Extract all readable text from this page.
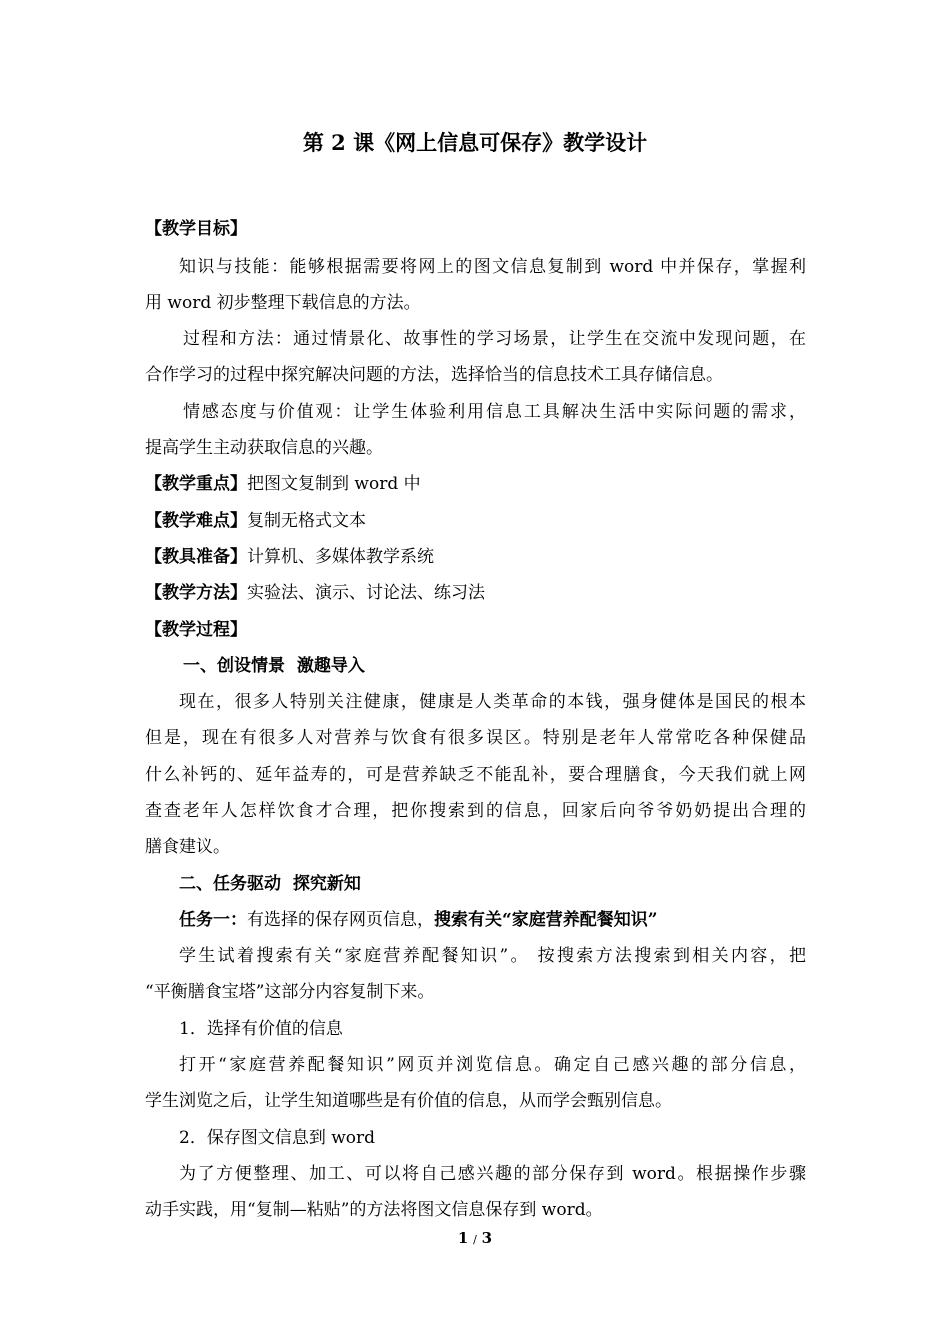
第 2 课《网上信息可保存》教学设计
【教学目标】
知识与技能：能够根据需要将网上的图文信息复制到 word 中并保存，掌握利
用 word 初步整理下载信息的方法。
过程和方法：通过情景化、故事性的学习场景，让学生在交流中发现问题，在
合作学习的过程中探究解决问题的方法，选择恰当的信息技术工具存储信息。
情感态度与价值观：让学生体验利用信息工具解决生活中实际问题的需求，
提高学生主动获取信息的兴趣。
【教学重点】把图文复制到 word 中
【教学难点】复制无格式文本
【教具准备】计算机、多媒体教学系统
【教学方法】实验法、演示、讨论法、练习法
【教学过程】
一、创设情景  激趣导入
现在，很多人特别关注健康，健康是人类革命的本钱，强身健体是国民的根本
但是，现在有很多人对营养与饮食有很多误区。特别是老年人常常吃各种保健品
什么补钙的、延年益寿的，可是营养缺乏不能乱补，要合理膳食，今天我们就上网
查查老年人怎样饮食才合理，把你搜索到的信息，回家后向爷爷奶奶提出合理的
膳食建议。
二、任务驱动  探究新知
任务一：有选择的保存网页信息，搜索有关“家庭营养配餐知识”
学生试着搜索有关“家庭营养配餐知识”。 按搜索方法搜索到相关内容，把
“平衡膳食宝塔”这部分内容复制下来。
1．选择有价值的信息
打开“家庭营养配餐知识”网页并浏览信息。确定自己感兴趣的部分信息，
学生浏览之后，让学生知道哪些是有价值的信息，从而学会甄别信息。
2．保存图文信息到 word
为了方便整理、加工、可以将自己感兴趣的部分保存到 word。根据操作步骤
动手实践，用“复制—粘贴”的方法将图文信息保存到 word。
1 / 3
